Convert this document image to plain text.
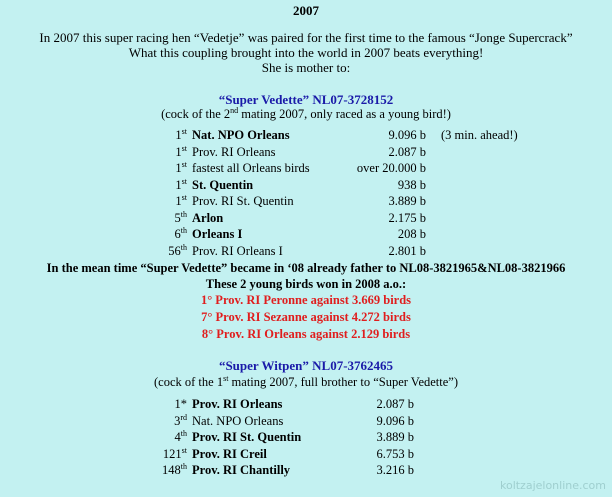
2007
In 2007 this super racing hen “Vedetje” was paired for the first time to the famous “Jonge Supercrack”
What this coupling brought into the world in 2007 beats everything!
She is mother to:
“Super Vedette” NL07-3728152
(cock of the 2nd mating 2007, only raced as a young bird!)
1st Nat. NPO Orleans	9.096 b (3 min. ahead!)
1st Prov. RI Orleans	2.087 b
1st fastest all Orleans birds	over 20.000 b
1st St. Quentin	938 b
1st Prov. RI St. Quentin	3.889 b
5th Arlon	2.175 b
6th Orleans I	208 b
56th Prov. RI Orleans I	2.801 b
In the mean time “Super Vedette” became in ‘08 already father to NL08-3821965&NL08-3821966
These 2 young birds won in 2008 a.o.:
1° Prov. RI Peronne against 3.669 birds
7° Prov. RI Sezanne against 4.272 birds
8° Prov. RI Orleans against 2.129 birds
“Super Witpen” NL07-3762465
(cock of the 1st mating 2007, full brother to “Super Vedette”)
1* Prov. RI Orleans	2.087 b
3rd Nat. NPO Orleans	9.096 b
4th Prov. RI St. Quentin	3.889 b
121st Prov. RI Creil	6.753 b
148th Prov. RI Chantilly	3.216 b
koltzajelonline.com
